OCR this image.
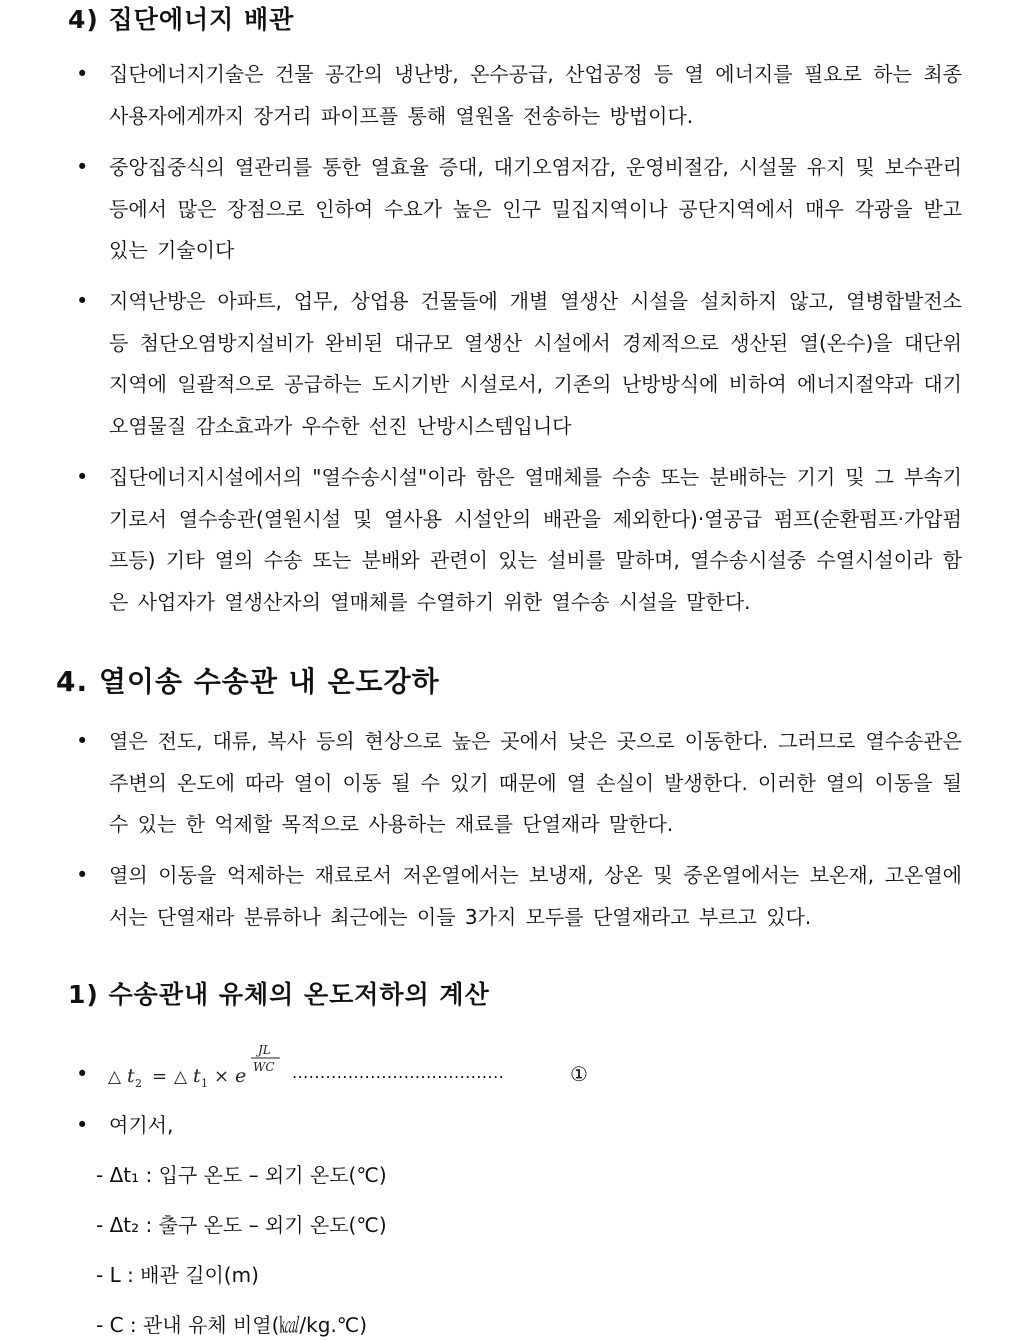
4) 집단에너지 배관
• 집단에너지기술은 건물 공간의 냉난방, 온수공급, 산업공정 등 열 에너지를 필요로 하는 최종 사용자에게까지 장거리 파이프플 통해 열원올 전송하는 방법이다.
• 중앙집중식의 열관리를 통한 열효율 증대, 대기오염저감, 운영비절감, 시설물 유지 및 보수관리 등에서 많은 장점으로 인하여 수요가 높은 인구 밀집지역이나 공단지역에서 매우 각광을 받고 있는 기술이다
• 지역난방은 아파트, 업무, 상업용 건물들에 개별 열생산 시설을 설치하지 않고, 열병합발전소 등 첨단오염방지설비가 완비된 대규모 열생산 시설에서 경제적으로 생산된 열(온수)을 대단위지역에 일괄적으로 공급하는 도시기반 시설로서, 기존의 난방방식에 비하여 에너지절약과 대기오염물질 감소효과가 우수한 선진 난방시스템입니다
• 집단에너지시설에서의 "열수송시설"이라 함은 열매체를 수송 또는 분배하는 기기 및 그 부속기기로서 열수송관(열원시설 및 열사용 시설안의 배관을 제외한다)·열공급 펌프(순환펌프·가압펌프등) 기타 열의 수송 또는 분배와 관련이 있는 설비를 말하며, 열수송시설중 수열시설이라 함은 사업자가 열생산자의 열매체를 수열하기 위한 열수송 시설을 말한다.
4. 열이송 수송관 내 온도강하
• 열은 전도, 대류, 복사 등의 현상으로 높은 곳에서 낮은 곳으로 이동한다. 그러므로 열수송관은 주변의 온도에 따라 열이 이동 될 수 있기 때문에 열 손실이 발생한다. 이러한 열의 이동을 될 수 있는 한 억제할 목적으로 사용하는 재료를 단열재라 말한다.
• 열의 이동을 억제하는 재료로서 저온열에서는 보냉재, 상온 및 중온열에서는 보온재, 고온열에서는 단열재라 분류하나 최근에는 이들 3가지 모두를 단열재라고 부르고 있다.
1) 수송관내 유체의 온도저하의 계산
• △ t 2 = △ t 1 × e
JL
WC ......................................	①
• 여기서,
- Δt₁ : 입구 온도 – 외기 온도(℃)
- Δt₂ : 출구 온도 – 외기 온도(℃)
- L : 배관 길이(m)
- C : 관내 유체 비열(㎉/kg.℃)
